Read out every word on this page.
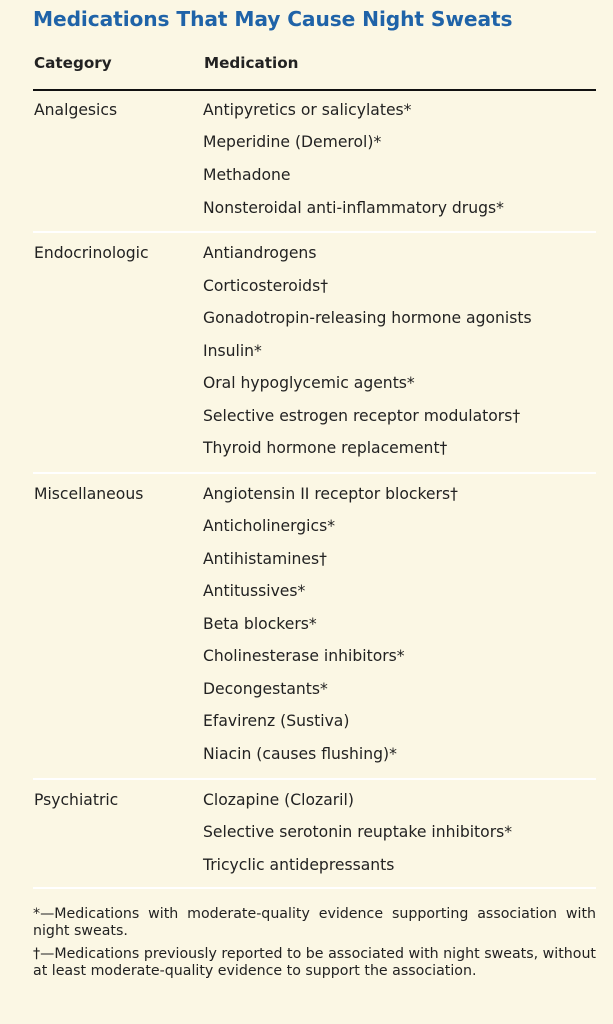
Medications That May Cause Night Sweats
Category	Medication
Analgesics	Antipyretics or salicylates*
Meperidine (Demerol)*
Methadone
Nonsteroidal anti-inflammatory drugs*
Endocrinologic	Antiandrogens
Corticosteroids†
Gonadotropin-releasing hormone agonists
Insulin*
Oral hypoglycemic agents*
Selective estrogen receptor modulators†
Thyroid hormone replacement†
Miscellaneous	Angiotensin II receptor blockers†
Anticholinergics*
Antihistamines†
Antitussives*
Beta blockers*
Cholinesterase inhibitors*
Decongestants*
Efavirenz (Sustiva)
Niacin (causes flushing)*
Psychiatric	Clozapine (Clozaril)
Selective serotonin reuptake inhibitors*
Tricyclic antidepressants
*—Medications with moderate-quality evidence supporting association with night sweats.
†—Medications previously reported to be associated with night sweats, without at least moderate-quality evidence to support the association.
